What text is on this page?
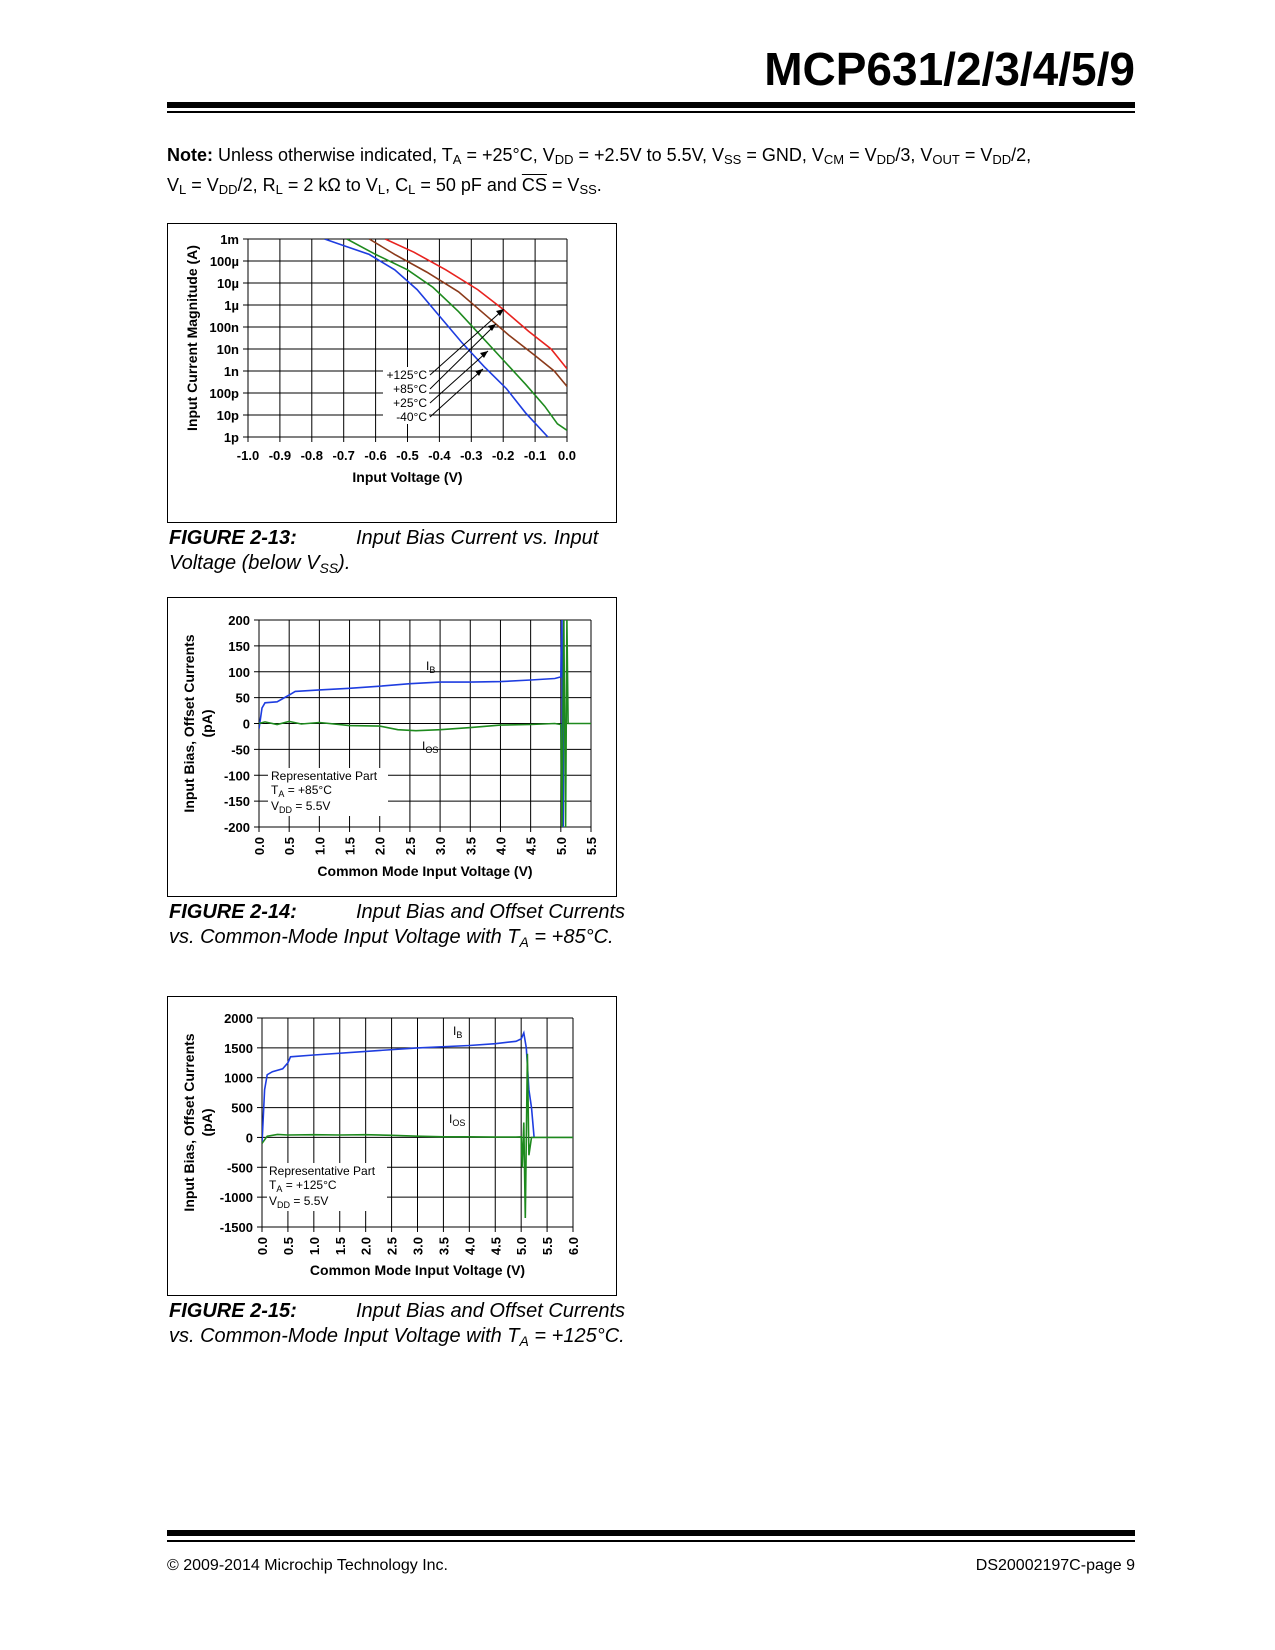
MCP631/2/3/4/5/9
Note: Unless otherwise indicated, $T_A = +25^\circ C$, $V_{DD} = +2.5V$ to 5.5V, $V_{SS}$ = GND, $V_{CM} = V_{DD}/3$, $V_{OUT} = V_{DD}/2$,
$V_L = V_{DD}/2$, $R_L = 2$ kΩ to $V_L$, $C_L = 50$ pF and $\overline{CS} = V_{SS}$.
1m
100µ
10µ
1µ
100n
10n
1n
100p
10p
1p
-1.0 -0.9 -0.8 -0.7 -0.6 -0.5 -0.4 -0.3 -0.2 -0.1 0.0
Input Voltage (V)
Input Current Magnitude (A)	+125°C
+85°C
+25°C
-40°C
FIGURE 2-13:	Input Bias Current vs. Input Voltage (below $V_{SS}$).
200
150
100
50
0
-50
-100
-150
-200
0.0 0.5 1.0 1.5 2.0 2.5 3.0 3.5 4.0 4.5 5.0 5.5
Common Mode Input Voltage (V)
Input Bias, Offset Currents (pA)
$I_B$
$I_{OS}$
Representative Part
$T_A = +85^\circ C$
$V_{DD} = 5.5V$
FIGURE 2-14:	Input Bias and Offset Currents vs. Common-Mode Input Voltage with $T_A = +85^\circ C$.
2000
1500
1000
500
0
-500
-1000
-1500
0.0 0.5 1.0 1.5 2.0 2.5 3.0 3.5 4.0 4.5 5.0 5.5 6.0
Common Mode Input Voltage (V)
Input Bias, Offset Currents (pA)
$I_B$
$I_{OS}$
Representative Part
$T_A = +125^\circ C$
$V_{DD} = 5.5V$
FIGURE 2-15:	Input Bias and Offset Currents vs. Common-Mode Input Voltage with $T_A = +125^\circ C$.
© 2009-2014 Microchip Technology Inc.	DS20002197C-page 9
